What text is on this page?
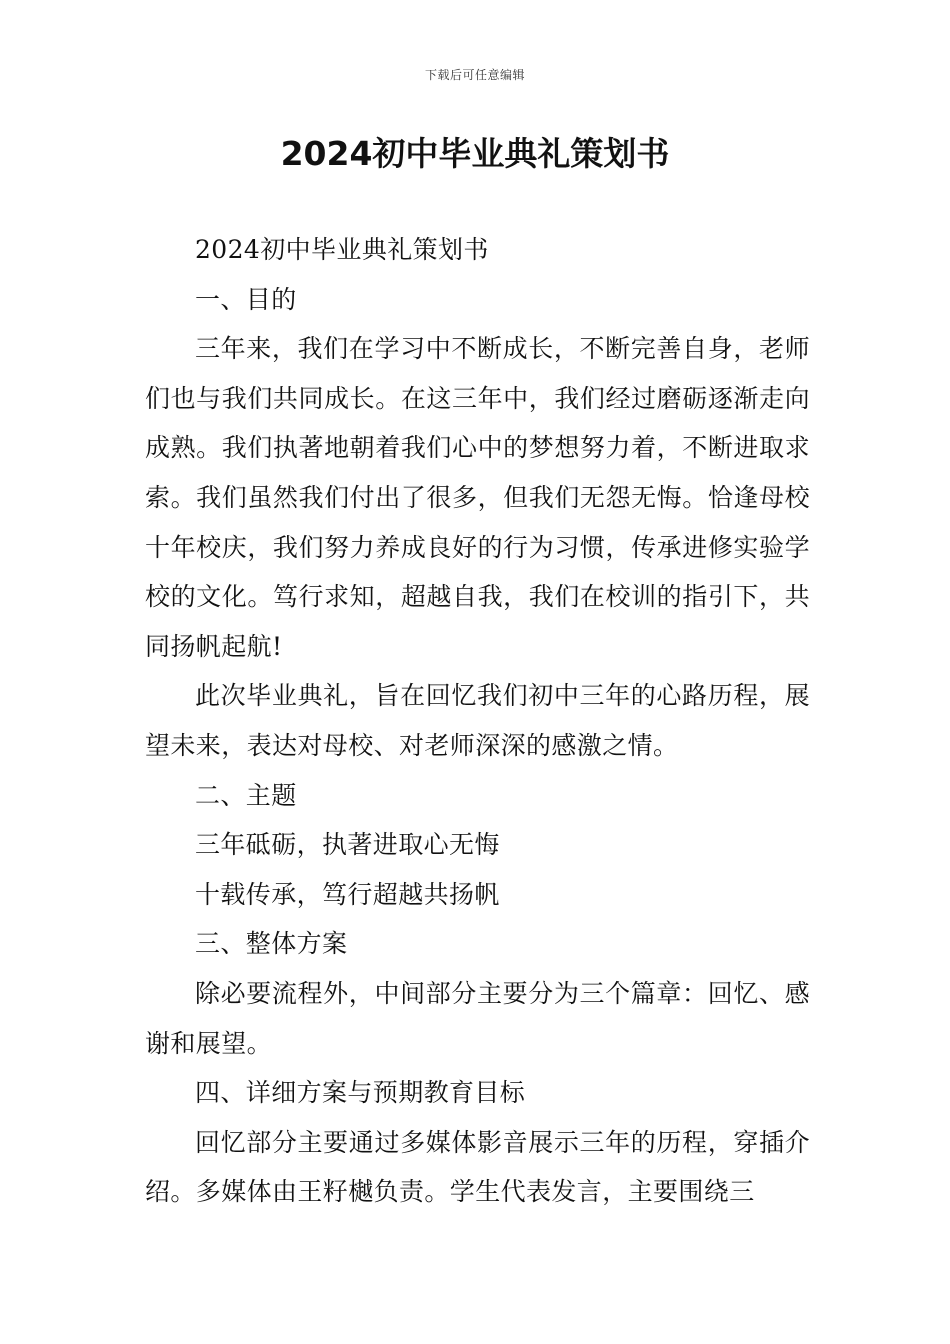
下载后可任意编辑
2024初中毕业典礼策划书

2024初中毕业典礼策划书

一、目的

三年来，我们在学习中不断成长，不断完善自身，老师们也与我们共同成长。在这三年中，我们经过磨砺逐渐走向成熟。我们执著地朝着我们心中的梦想努力着，不断进取求索。我们虽然我们付出了很多，但我们无怨无悔。恰逢母校十年校庆，我们努力养成良好的行为习惯，传承进修实验学校的文化。笃行求知，超越自我，我们在校训的指引下，共同扬帆起航!

此次毕业典礼，旨在回忆我们初中三年的心路历程，展望未来，表达对母校、对老师深深的感激之情。

二、主题

三年砥砺，执著进取心无悔

十载传承，笃行超越共扬帆

三、整体方案

除必要流程外，中间部分主要分为三个篇章：回忆、感谢和展望。

四、详细方案与预期教育目标

回忆部分主要通过多媒体影音展示三年的历程，穿插介绍。多媒体由王籽樾负责。学生代表发言，主要围绕三
